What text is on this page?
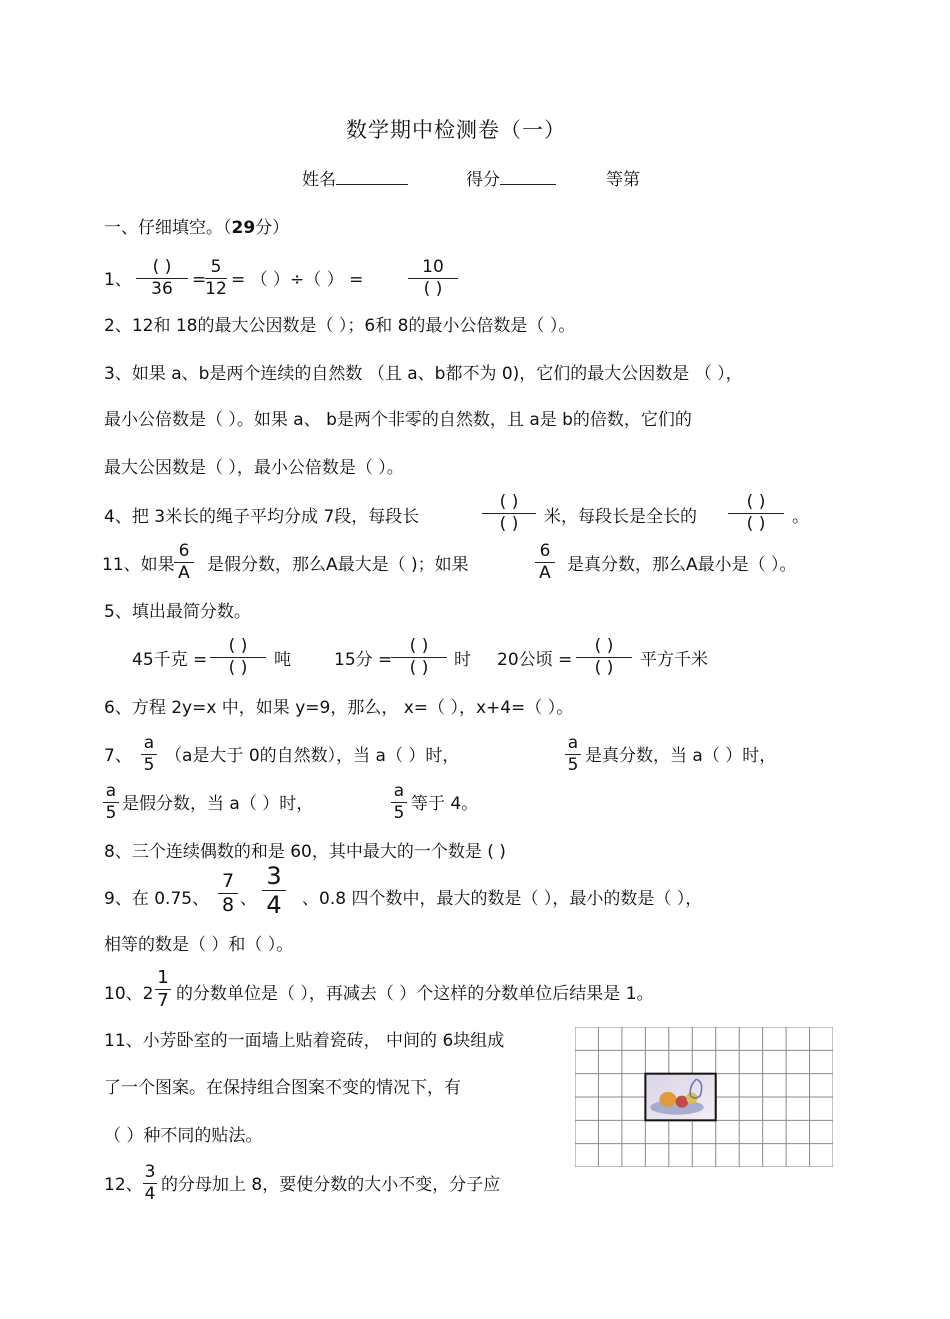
数学期中检测卷（一）
姓名	得分	等第
一、仔细填空。（29分）
1、
( )
36	=
5
12 = （ ）÷（ ） =
10
( )
2、12和 18的最大公因数是（ ）；6和 8的最小公倍数是（ ）。
3、如果 a、b是两个连续的自然数 （且 a、b都不为 0)，它们的最大公因数是 （ ），
最小公倍数是（ ）。如果 a、 b是两个非零的自然数，且 a是 b的倍数，它们的
最大公因数是（ ），最小公倍数是（ ）。
4、把 3米长的绳子平均分成 7段，每段长
( )
( )	米，每段长是全长的
( )
( )	。
11、如果
6
A 是假分数，那么A最大是（ )；如果
6
A 是真分数，那么A最小是（ ）。
5、填出最简分数。
45千克 =
( )
( )	吨	15分 =
( )
( )	时 20公顷 =
( )
( )	平方千米
6、方程 2y=x 中，如果 y=9，那么， x=（ ），x+4=（ ）。
7、
a
5 （a是大于 0的自然数），当 a（ ）时，
a
5 是真分数，当 a（ ）时，
a
5 是假分数，当 a（ ）时，
a
5 等于 4。
8、三个连续偶数的和是 60，其中最大的一个数是 ( )
9、在 0.75、
7
8 、
3
4 、0.8 四个数中，最大的数是（ ），最小的数是（ ），
相等的数是（ ）和（ ）。
10、2
1
7 的分数单位是（ ），再减去（ ）个这样的分数单位后结果是 1。
11、小芳卧室的一面墙上贴着瓷砖， 中间的 6块组成
了一个图案。在保持组合图案不变的情况下，有
（ ）种不同的贴法。
12、
3
4 的分母加上 8，要使分数的大小不变，分子应
